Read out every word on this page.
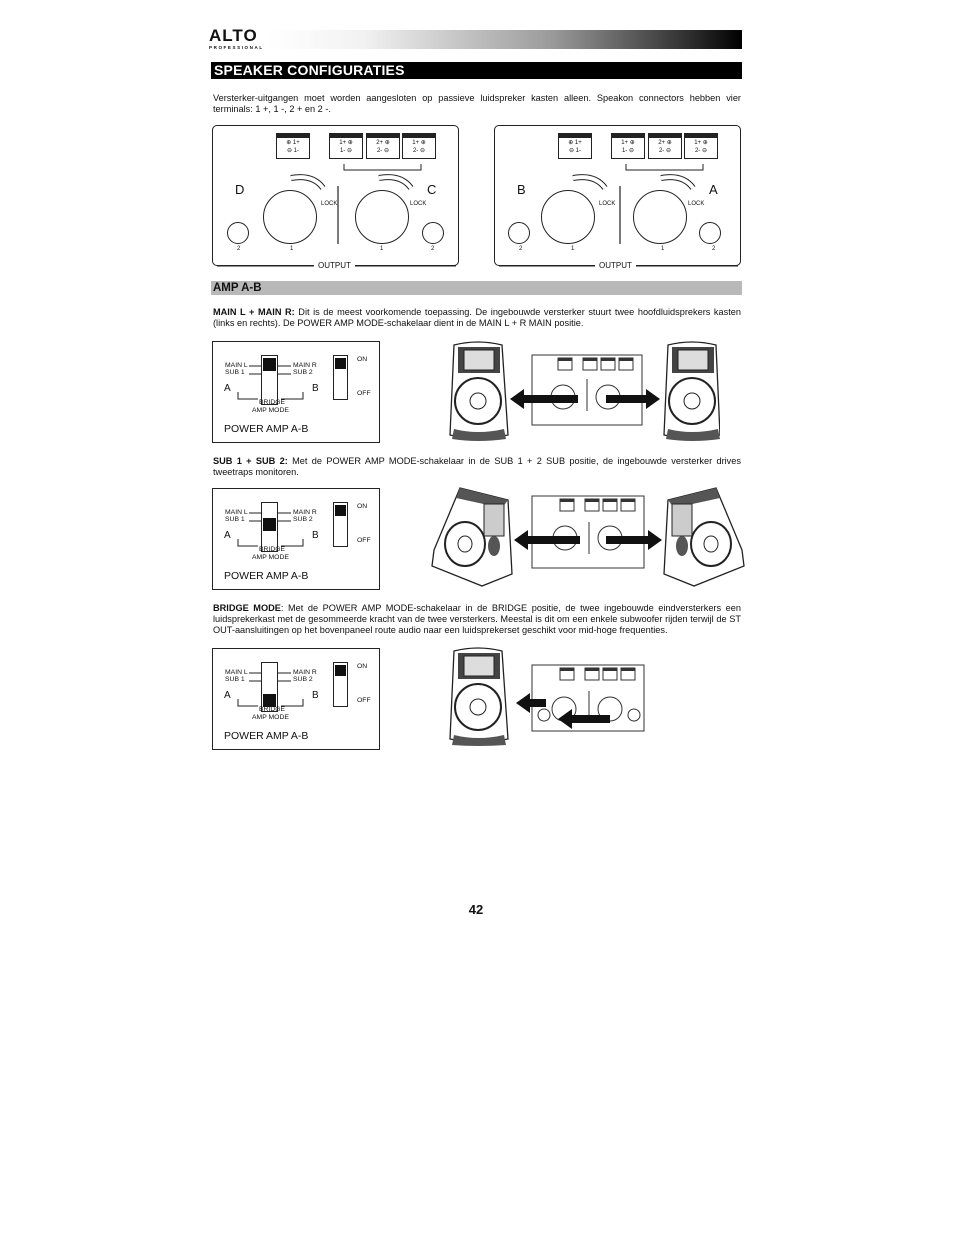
ALTO
PROFESSIONAL
SPEAKER CONFIGURATIES
Versterker-uitgangen moet worden aangesloten op passieve luidspreker kasten alleen. Speakon connectors hebben vier terminals: 1 +, 1 -, 2 + en 2 -.
⊕ 1+
⊖ 1-
1+ ⊕
1- ⊖
2+ ⊕
2- ⊖
1+ ⊕
2- ⊖
D	C
LOCK	LOCK
2	1	1	2
OUTPUT
⊕ 1+
⊖ 1-
1+ ⊕
1- ⊖
2+ ⊕
2- ⊖
1+ ⊕
2- ⊖
B	A
LOCK	LOCK
2	1	1	2
OUTPUT
AMP A-B
MAIN L + MAIN R: Dit is de meest voorkomende toepassing. De ingebouwde versterker stuurt twee hoofdluidsprekers kasten (links en rechts). De POWER AMP MODE-schakelaar dient in de MAIN L + R MAIN positie.
MAIN L
SUB 1
MAIN R
SUB 2
A	B
BRIDGE
AMP MODE
ON
OFF
POWER AMP A-B
SUB 1 + SUB 2: Met de POWER AMP MODE-schakelaar in de SUB 1 + 2 SUB positie, de ingebouwde versterker drives tweetraps monitoren.
MAIN L
SUB 1
MAIN R
SUB 2
A	B
BRIDGE
AMP MODE
ON
OFF
POWER AMP A-B
BRIDGE MODE: Met de POWER AMP MODE-schakelaar in de BRIDGE positie, de twee ingebouwde eindversterkers een luidsprekerkast met de gesommeerde kracht van de twee versterkers. Meestal is dit om een enkele subwoofer rijden terwijl de ST OUT-aansluitingen op het bovenpaneel route audio naar een luidsprekerset geschikt voor mid-hoge frequenties.
MAIN L
SUB 1
MAIN R
SUB 2
A	B
BRIDGE
AMP MODE
ON
OFF
POWER AMP A-B
42
